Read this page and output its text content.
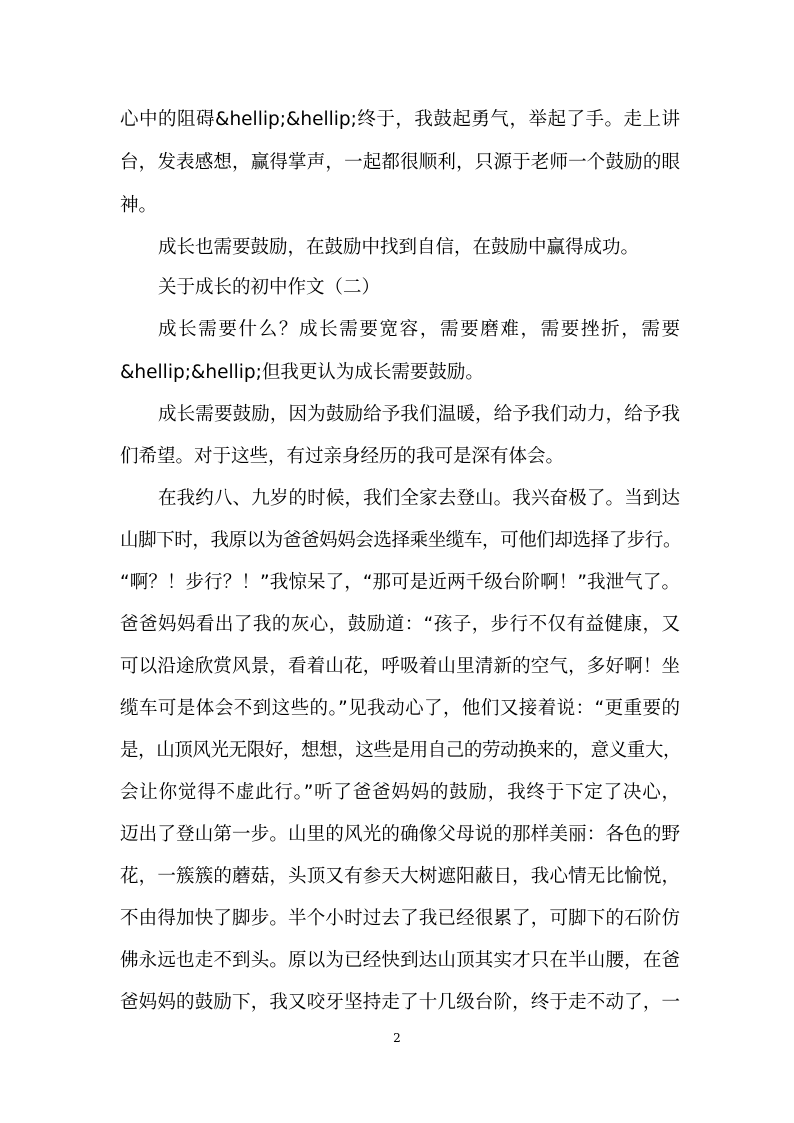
心中的阻碍&hellip;&hellip;终于，我鼓起勇气，举起了手。走上讲
台，发表感想，赢得掌声，一起都很顺利，只源于老师一个鼓励的眼
神。
成长也需要鼓励，在鼓励中找到自信，在鼓励中赢得成功。
关于成长的初中作文（二）
成长需要什么？成长需要宽容，需要磨难，需要挫折，需要
&hellip;&hellip;但我更认为成长需要鼓励。
成长需要鼓励，因为鼓励给予我们温暖，给予我们动力，给予我
们希望。对于这些，有过亲身经历的我可是深有体会。
在我约八、九岁的时候，我们全家去登山。我兴奋极了。当到达
山脚下时，我原以为爸爸妈妈会选择乘坐缆车，可他们却选择了步行。
“啊？！步行？！”我惊呆了，“那可是近两千级台阶啊！”我泄气了。
爸爸妈妈看出了我的灰心，鼓励道：“孩子，步行不仅有益健康，又
可以沿途欣赏风景，看着山花，呼吸着山里清新的空气，多好啊！坐
缆车可是体会不到这些的。”见我动心了，他们又接着说：“更重要的
是，山顶风光无限好，想想，这些是用自己的劳动换来的，意义重大，
会让你觉得不虚此行。”听了爸爸妈妈的鼓励，我终于下定了决心，
迈出了登山第一步。山里的风光的确像父母说的那样美丽：各色的野
花，一簇簇的蘑菇，头顶又有参天大树遮阳蔽日，我心情无比愉悦，
不由得加快了脚步。半个小时过去了我已经很累了，可脚下的石阶仿
佛永远也走不到头。原以为已经快到达山顶其实才只在半山腰，在爸
爸妈妈的鼓励下，我又咬牙坚持走了十几级台阶，终于走不动了，一
2
